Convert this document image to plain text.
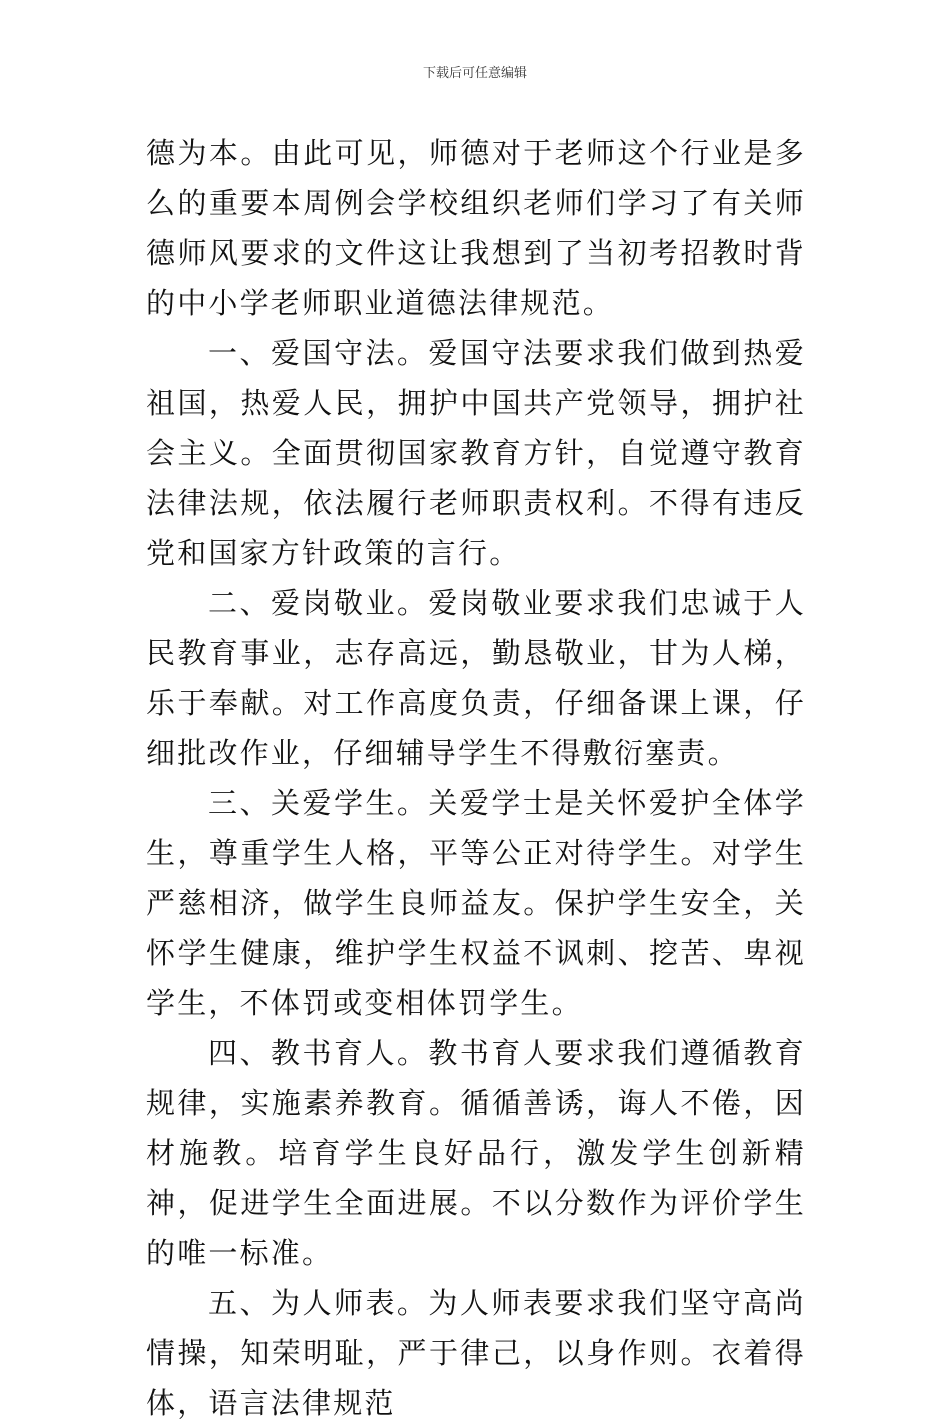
下载后可任意编辑

德为本。由此可见，师德对于老师这个行业是多么的重要本周例会学校组织老师们学习了有关师德师风要求的文件这让我想到了当初考招教时背的中小学老师职业道德法律规范。

一、爱国守法。爱国守法要求我们做到热爱祖国，热爱人民，拥护中国共产党领导，拥护社会主义。全面贯彻国家教育方针，自觉遵守教育法律法规，依法履行老师职责权利。不得有违反党和国家方针政策的言行。

二、爱岗敬业。爱岗敬业要求我们忠诚于人民教育事业，志存高远，勤恳敬业，甘为人梯，乐于奉献。对工作高度负责，仔细备课上课，仔细批改作业，仔细辅导学生不得敷衍塞责。

三、关爱学生。关爱学士是关怀爱护全体学生，尊重学生人格，平等公正对待学生。对学生严慈相济，做学生良师益友。保护学生安全，关怀学生健康，维护学生权益不讽刺、挖苦、卑视学生，不体罚或变相体罚学生。

四、教书育人。教书育人要求我们遵循教育规律，实施素养教育。循循善诱，诲人不倦，因材施教。培育学生良好品行，激发学生创新精神，促进学生全面进展。不以分数作为评价学生的唯一标准。

五、为人师表。为人师表要求我们坚守高尚情操，知荣明耻，严于律己，以身作则。衣着得体，语言法律规范
